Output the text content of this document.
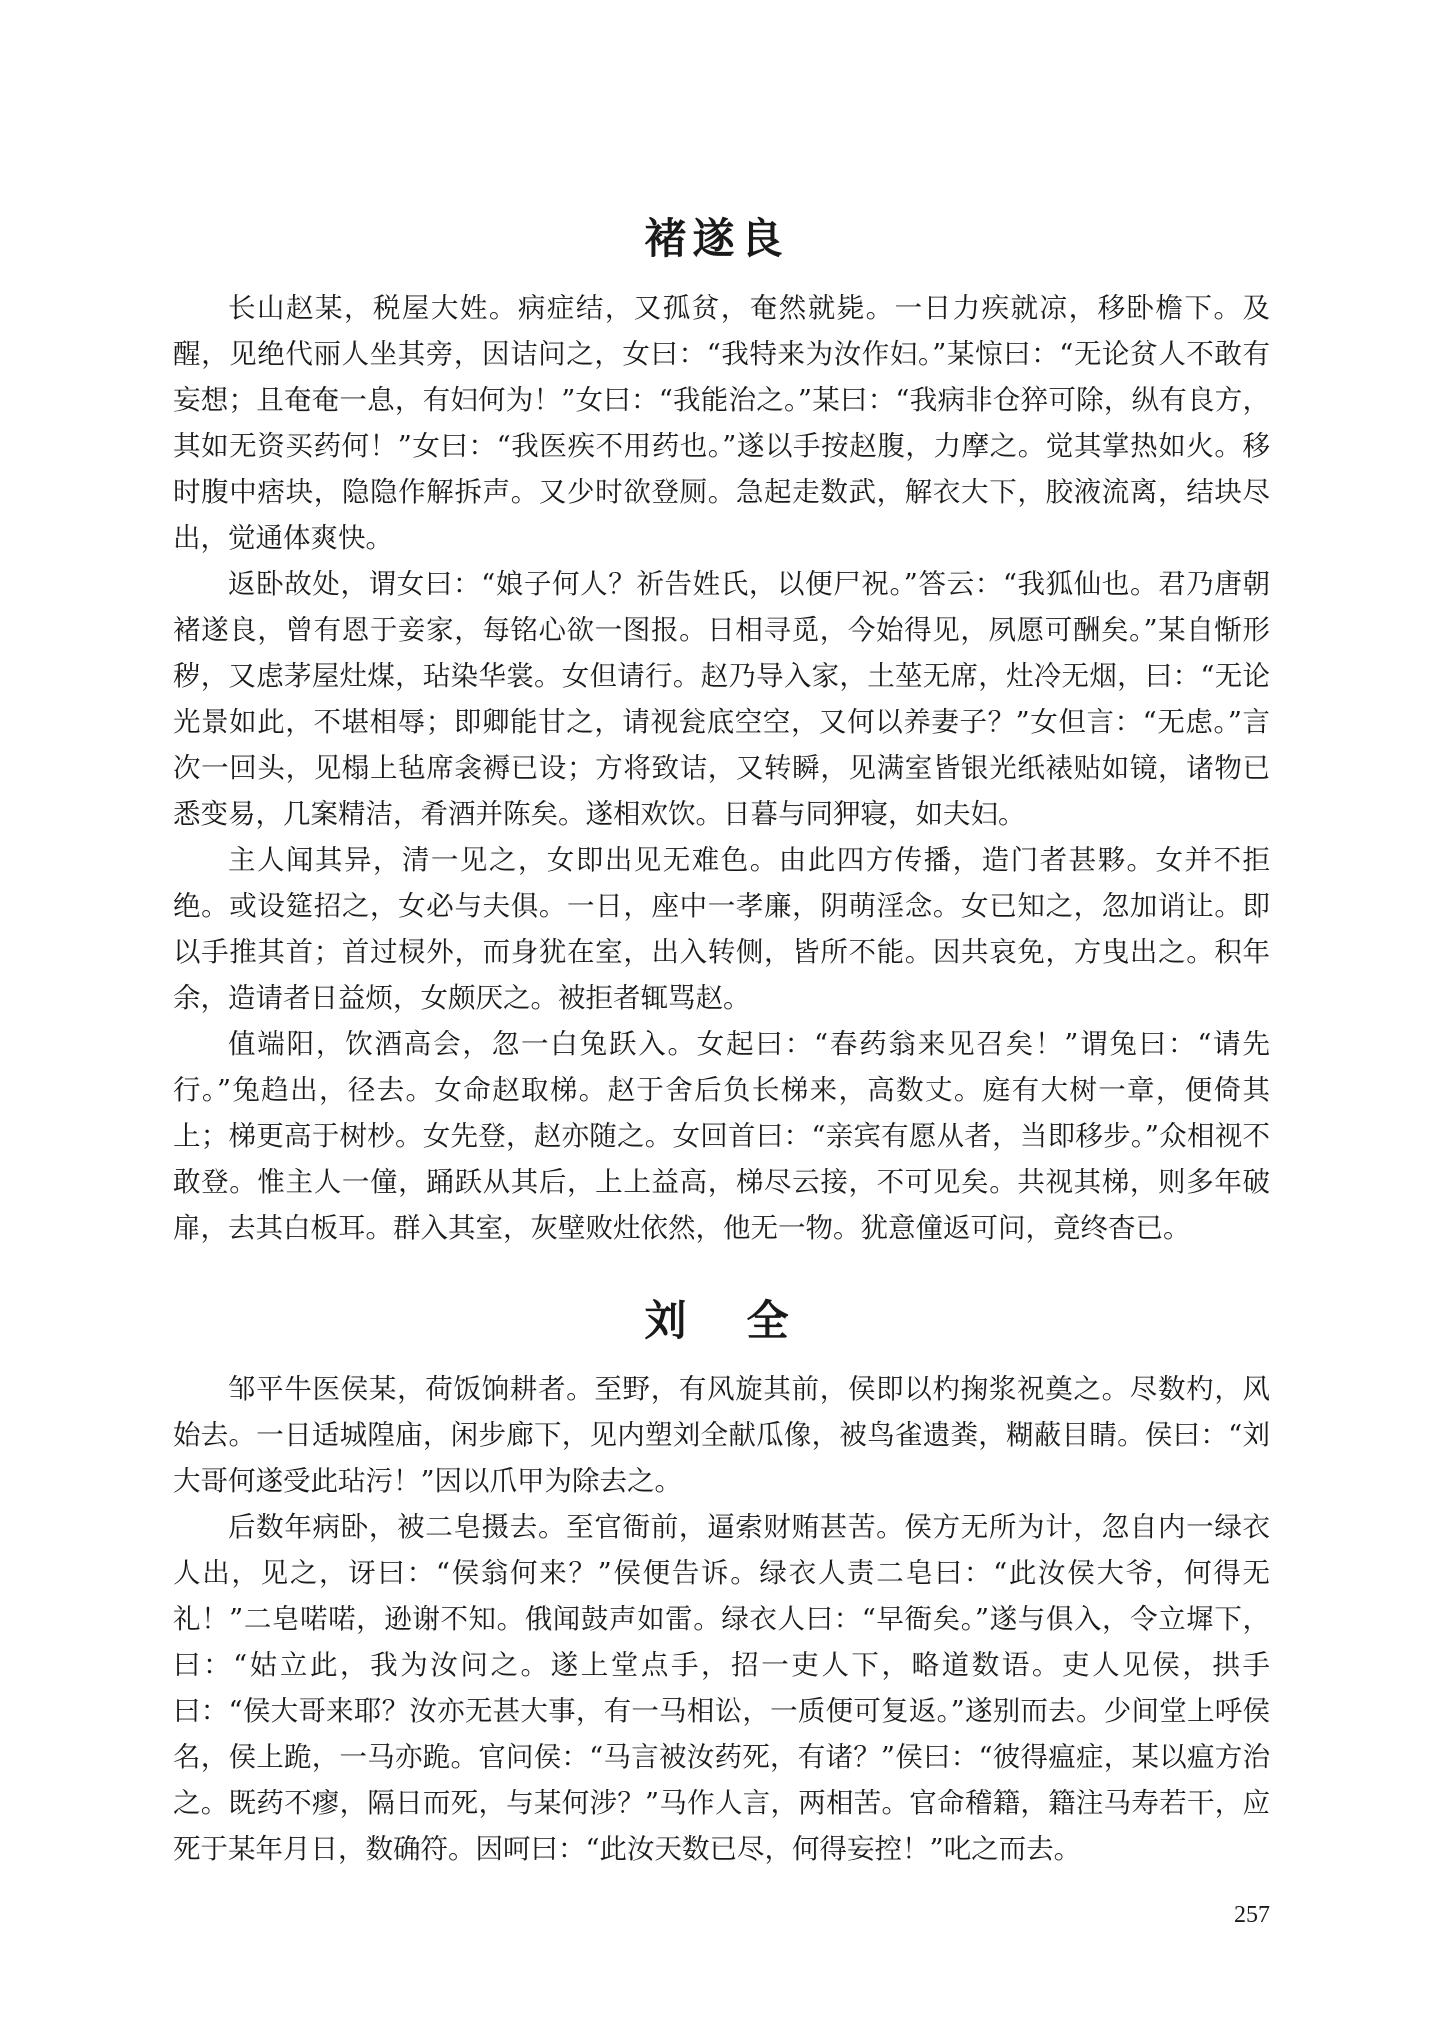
褚遂良

长山赵某，税屋大姓。病症结，又孤贫，奄然就毙。一日力疾就凉，移卧檐下。及醒，见绝代丽人坐其旁，因诘问之，女曰：“我特来为汝作妇。”某惊曰：“无论贫人不敢有妄想；且奄奄一息，有妇何为！”女曰：“我能治之。”某曰：“我病非仓猝可除，纵有良方，其如无资买药何！”女曰：“我医疾不用药也。”遂以手按赵腹，力摩之。觉其掌热如火。移时腹中痞块，隐隐作解拆声。又少时欲登厕。急起走数武，解衣大下，胶液流离，结块尽出，觉通体爽快。

返卧故处，谓女曰：“娘子何人？祈告姓氏，以便尸祝。”答云：“我狐仙也。君乃唐朝褚遂良，曾有恩于妾家，每铭心欲一图报。日相寻觅，今始得见，夙愿可酬矣。”某自惭形秽，又虑茅屋灶煤，玷染华裳。女但请行。赵乃导入家，土莝无席，灶冷无烟，曰：“无论光景如此，不堪相辱；即卿能甘之，请视瓮底空空，又何以养妻子？”女但言：“无虑。”言次一回头，见榻上毡席衾褥已设；方将致诘，又转瞬，见满室皆银光纸裱贴如镜，诸物已悉变易，几案精洁，肴酒并陈矣。遂相欢饮。日暮与同狎寝，如夫妇。

主人闻其异，清一见之，女即出见无难色。由此四方传播，造门者甚夥。女并不拒绝。或设筵招之，女必与夫俱。一日，座中一孝廉，阴萌淫念。女已知之，忽加诮让。即以手推其首；首过棂外，而身犹在室，出入转侧，皆所不能。因共哀免，方曳出之。积年余，造请者日益烦，女颇厌之。被拒者辄骂赵。

值端阳，饮酒高会，忽一白兔跃入。女起曰：“春药翁来见召矣！”谓兔曰：“请先行。”兔趋出，径去。女命赵取梯。赵于舍后负长梯来，高数丈。庭有大树一章，便倚其上；梯更高于树杪。女先登，赵亦随之。女回首曰：“亲宾有愿从者，当即移步。”众相视不敢登。惟主人一僮，踊跃从其后，上上益高，梯尽云接，不可见矣。共视其梯，则多年破扉，去其白板耳。群入其室，灰壁败灶依然，他无一物。犹意僮返可问，竟终杳已。

刘全

邹平牛医侯某，荷饭饷耕者。至野，有风旋其前，侯即以杓掬浆祝奠之。尽数杓，风始去。一日适城隍庙，闲步廊下，见内塑刘全献瓜像，被鸟雀遗粪，糊蔽目睛。侯曰：“刘大哥何遂受此玷污！”因以爪甲为除去之。

后数年病卧，被二皂摄去。至官衙前，逼索财贿甚苦。侯方无所为计，忽自内一绿衣人出，见之，讶曰：“侯翁何来？”侯便告诉。绿衣人责二皂曰：“此汝侯大爷，何得无礼！”二皂喏喏，逊谢不知。俄闻鼓声如雷。绿衣人曰：“早衙矣。”遂与俱入，令立墀下，曰：“姑立此，我为汝问之。遂上堂点手，招一吏人下，略道数语。吏人见侯，拱手曰：“侯大哥来耶？汝亦无甚大事，有一马相讼，一质便可复返。”遂别而去。少间堂上呼侯名，侯上跪，一马亦跪。官问侯：“马言被汝药死，有诸？”侯曰：“彼得瘟症，某以瘟方治之。既药不瘳，隔日而死，与某何涉？”马作人言，两相苦。官命稽籍，籍注马寿若干，应死于某年月日，数确符。因呵曰：“此汝天数已尽，何得妄控！”叱之而去。

257
